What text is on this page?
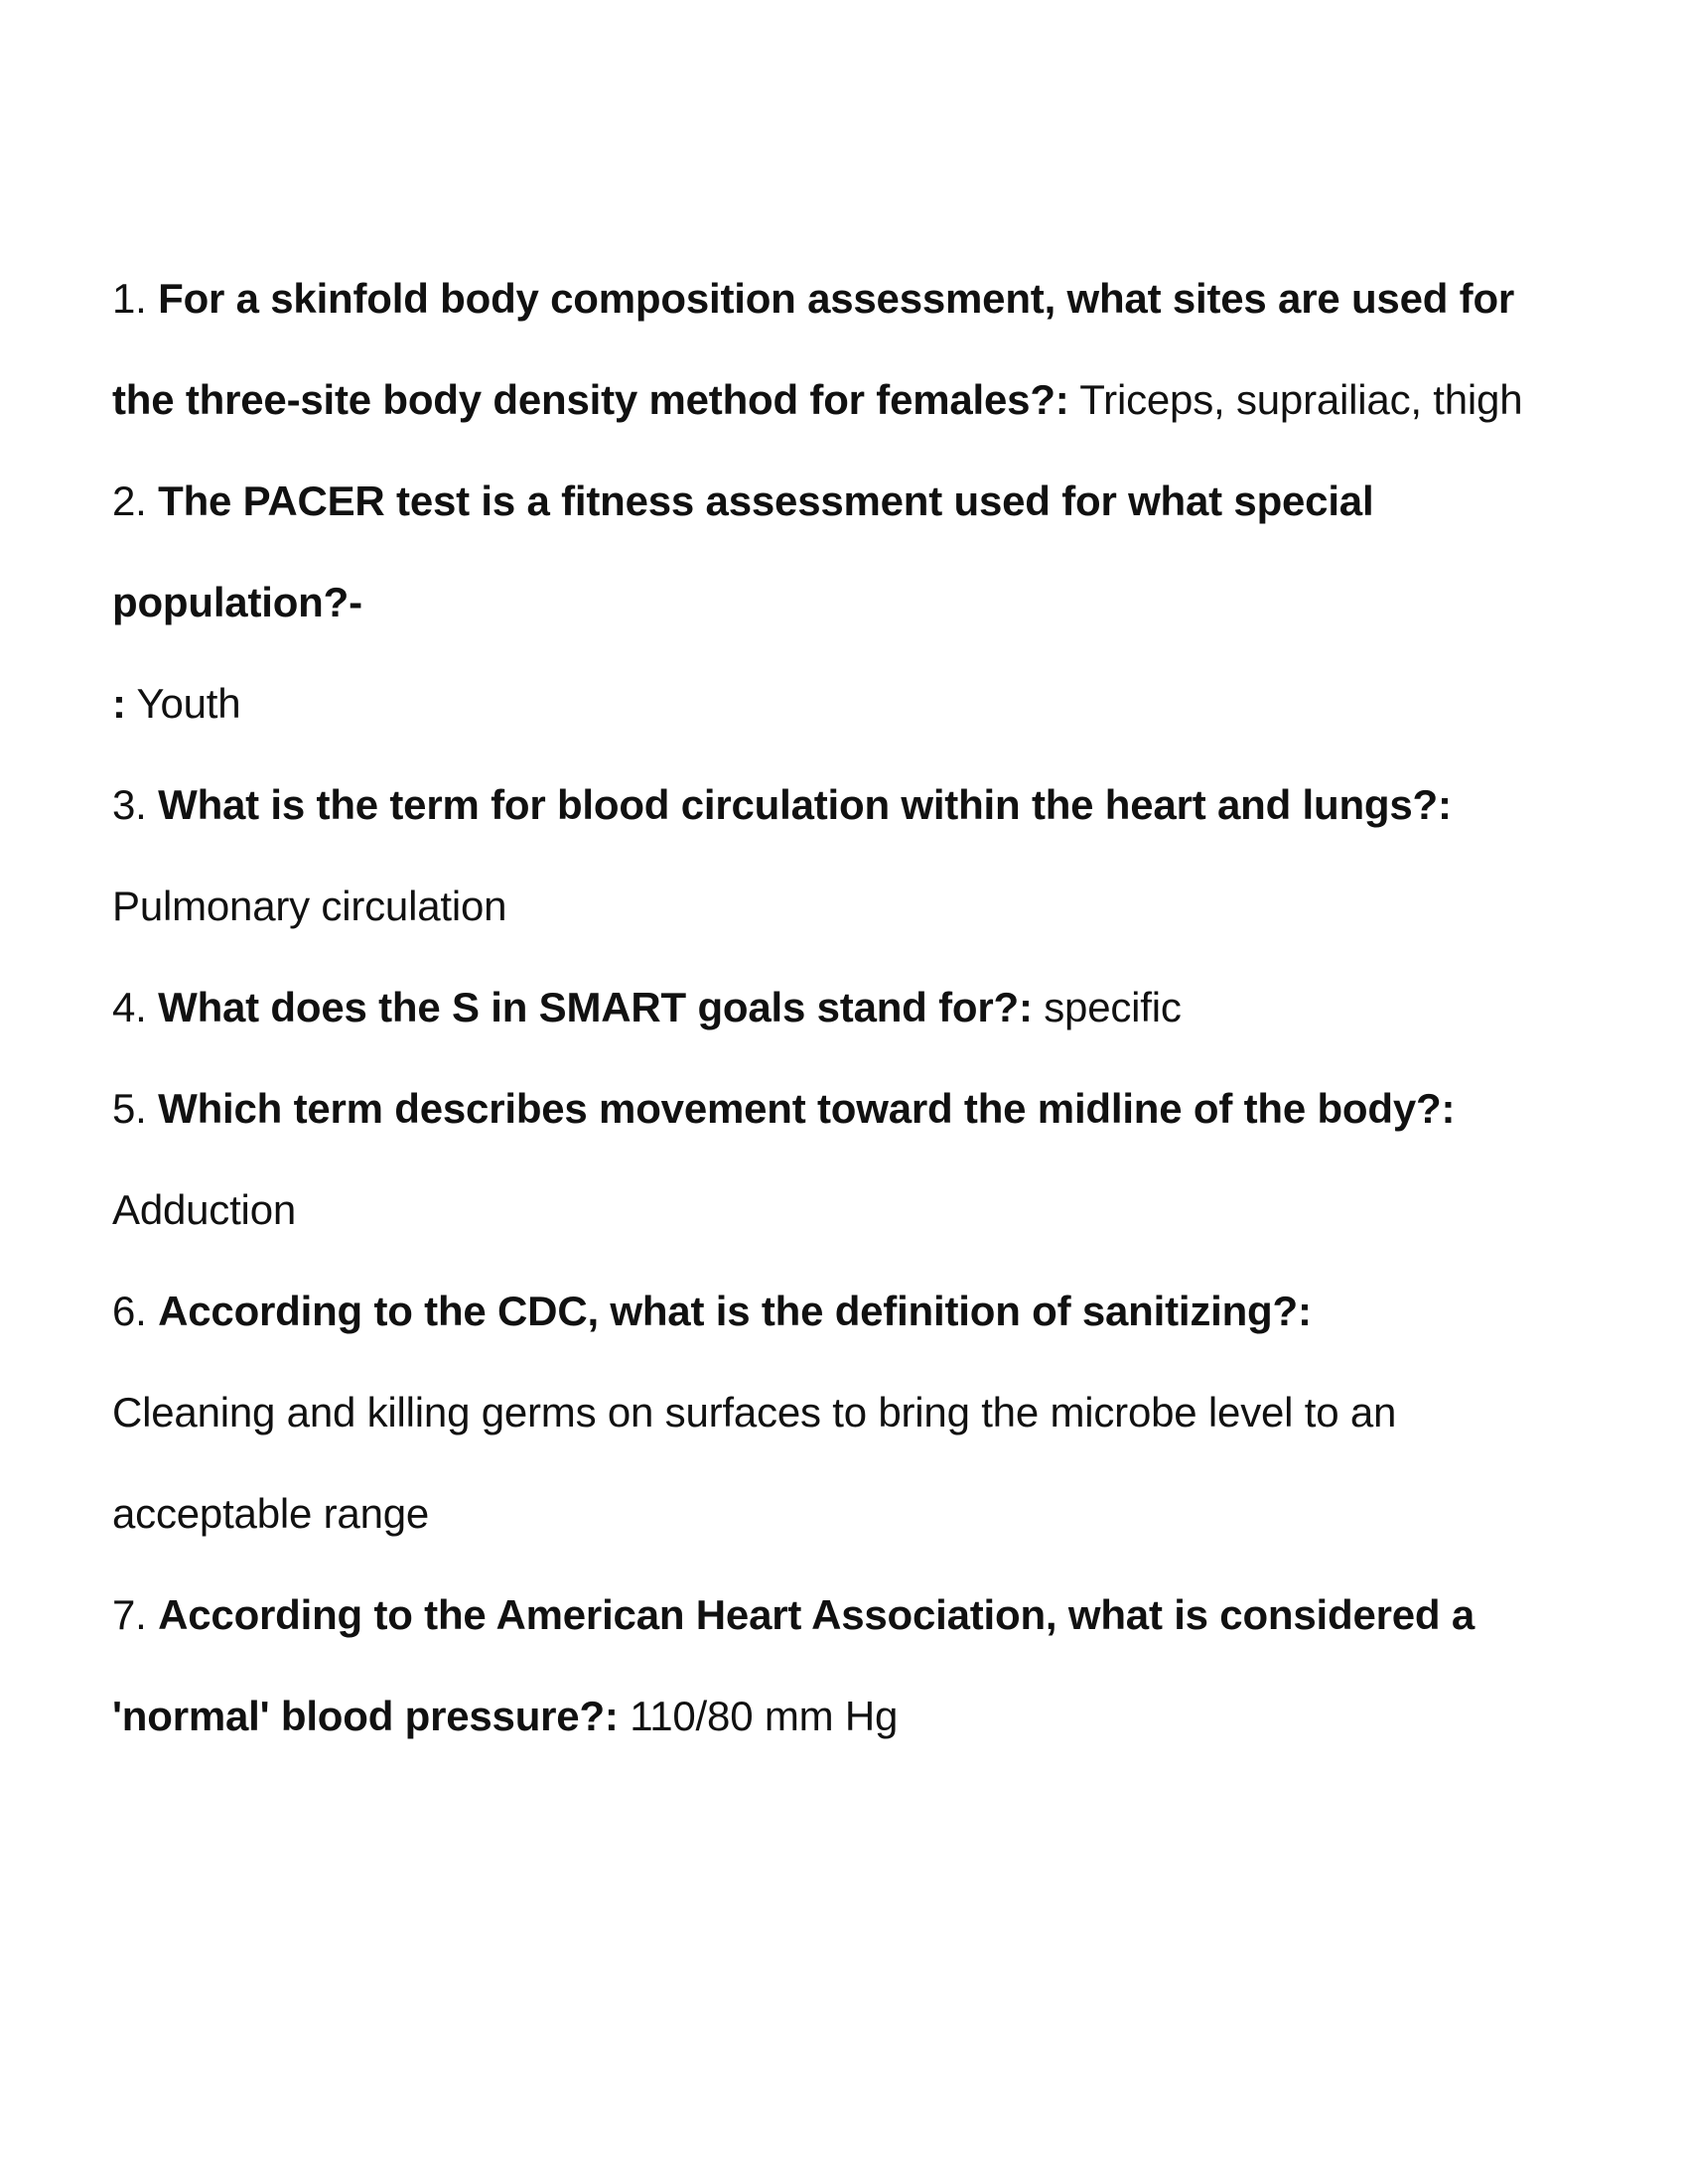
1. For a skinfold body composition assessment, what sites are used for the three-site body density method for females?: Triceps, suprailiac, thigh

2. The PACER test is a fitness assessment used for what special population?-
: Youth

3. What is the term for blood circulation within the heart and lungs?:
Pulmonary circulation

4. What does the S in SMART goals stand for?: specific

5. Which term describes movement toward the midline of the body?:
Adduction

6. According to the CDC, what is the definition of sanitizing?:
Cleaning and killing germs on surfaces to bring the microbe level to an acceptable range

7. According to the American Heart Association, what is considered a 'normal' blood pressure?: 110/80 mm Hg
